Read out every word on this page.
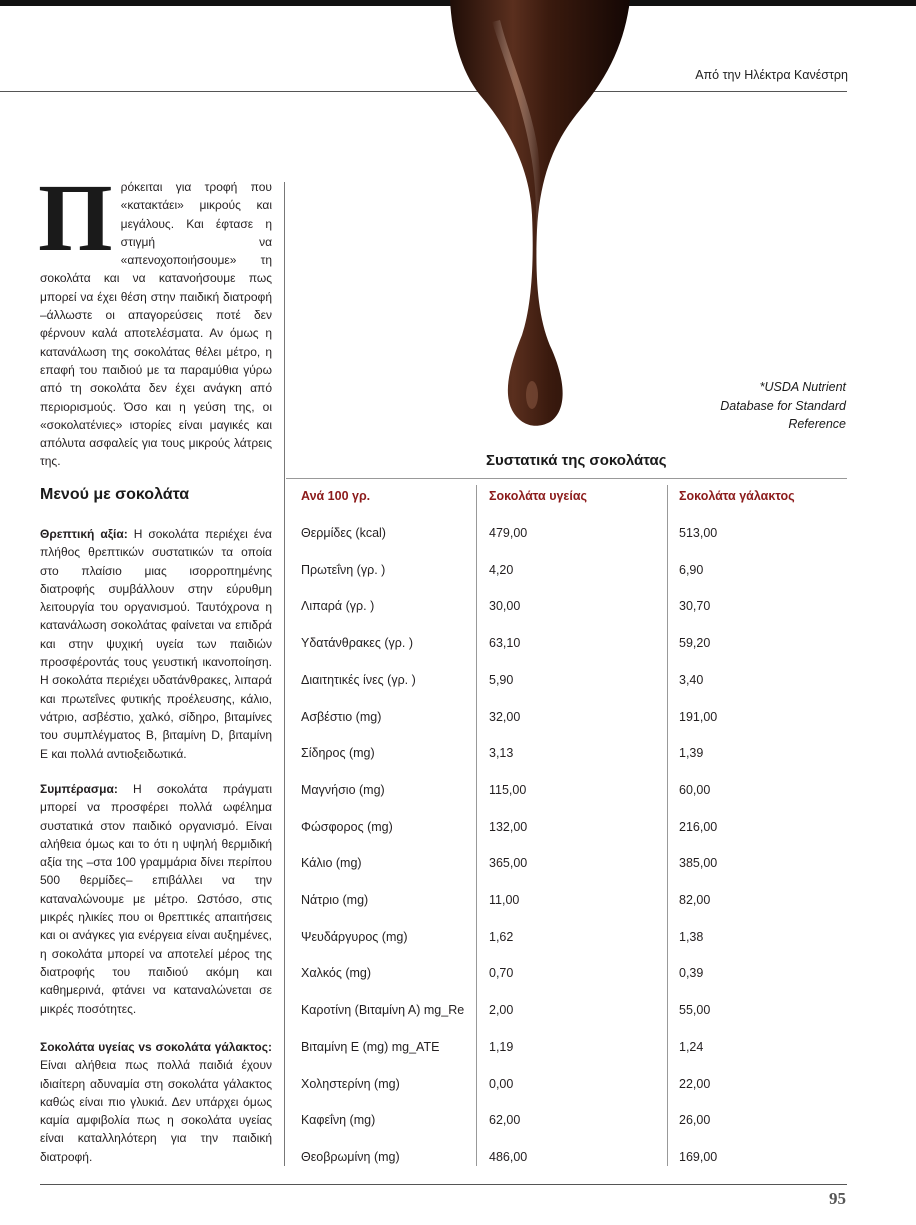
Από την Ηλέκτρα Κανέστρη
Π ρόκειται για τροφή που «κατακτάει» μικρούς και μεγάλους. Και έφτασε η στιγμή να «απενοχοποιήσουμε» τη σοκολάτα και να κατανοήσουμε πως μπορεί να έχει θέση στην παιδική διατροφή –άλλωστε οι απαγορεύσεις ποτέ δεν φέρνουν καλά αποτελέσματα. Αν όμως η κατανάλωση της σοκολάτας θέλει μέτρο, η επαφή του παιδιού με τα παραμύθια γύρω από τη σοκολάτα δεν έχει ανάγκη από περιορισμούς. Όσο και η γεύση της, οι «σοκολατένιες» ιστορίες είναι μαγικές και απόλυτα ασφαλείς για τους μικρούς λάτρεις της.

Μενού με σοκολάτα

Θρεπτική αξία: Η σοκολάτα περιέχει ένα πλήθος θρεπτικών συστατικών τα οποία στο πλαίσιο μιας ισορροπημένης διατροφής συμβάλλουν στην εύρυθμη λειτουργία του οργανισμού. Ταυτόχρονα η κατανάλωση σοκολάτας φαίνεται να επιδρά και στην ψυχική υγεία των παιδιών προσφέροντάς τους γευστική ικανοποίηση. Η σοκολάτα περιέχει υδατάνθρακες, λιπαρά και πρωτεΐνες φυτικής προέλευσης, κάλιο, νάτριο, ασβέστιο, χαλκό, σίδηρο, βιταμίνες του συμπλέγματος Β, βιταμίνη D, βιταμίνη Ε και πολλά αντιοξειδωτικά.

Συμπέρασμα: Η σοκολάτα πράγματι μπορεί να προσφέρει πολλά ωφέλημα συστατικά στον παιδικό οργανισμό. Είναι αλήθεια όμως και το ότι η υψηλή θερμιδική αξία της –στα 100 γραμμάρια δίνει περίπου 500 θερμίδες– επιβάλλει να την καταναλώνουμε με μέτρο. Ωστόσο, στις μικρές ηλικίες που οι θρεπτικές απαιτήσεις και οι ανάγκες για ενέργεια είναι αυξημένες, η σοκολάτα μπορεί να αποτελεί μέρος της διατροφής του παιδιού ακόμη και καθημερινά, φτάνει να καταναλώνεται σε μικρές ποσότητες.

Σοκολάτα υγείας vs σοκολάτα γάλακτος: Είναι αλήθεια πως πολλά παιδιά έχουν ιδιαίτερη αδυναμία στη σοκολάτα γάλακτος καθώς είναι πιο γλυκιά. Δεν υπάρχει όμως καμία αμφιβολία πως η σοκολάτα υγείας είναι καταλληλότερη για την παιδική διατροφή.

*USDA Nutrient
Database for Standard
Reference
Συστατικά της σοκολάτας
Ανά 100 γρ.	Σοκολάτα υγείας	Σοκολάτα γάλακτος
Θερμίδες (kcal)	479,00	513,00
Πρωτεΐνη (γρ. )	4,20	6,90
Λιπαρά (γρ. )	30,00	30,70
Υδατάνθρακες (γρ. )	63,10	59,20
Διαιτητικές ίνες (γρ. )	5,90	3,40
Ασβέστιο (mg)	32,00	191,00
Σίδηρος (mg)	3,13	1,39
Μαγνήσιο (mg)	115,00	60,00
Φώσφορος (mg)	132,00	216,00
Κάλιο (mg)	365,00	385,00
Νάτριο (mg)	11,00	82,00
Ψευδάργυρος (mg)	1,62	1,38
Χαλκός (mg)	0,70	0,39
Καροτίνη (Βιταμίνη Α) mg_Re 2,00	55,00
Βιταμίνη Ε (mg) mg_ATE	1,19	1,24
Χοληστερίνη (mg)	0,00	22,00
Καφεΐνη (mg)	62,00	26,00
Θεοβρωμίνη (mg)	486,00	169,00
95
